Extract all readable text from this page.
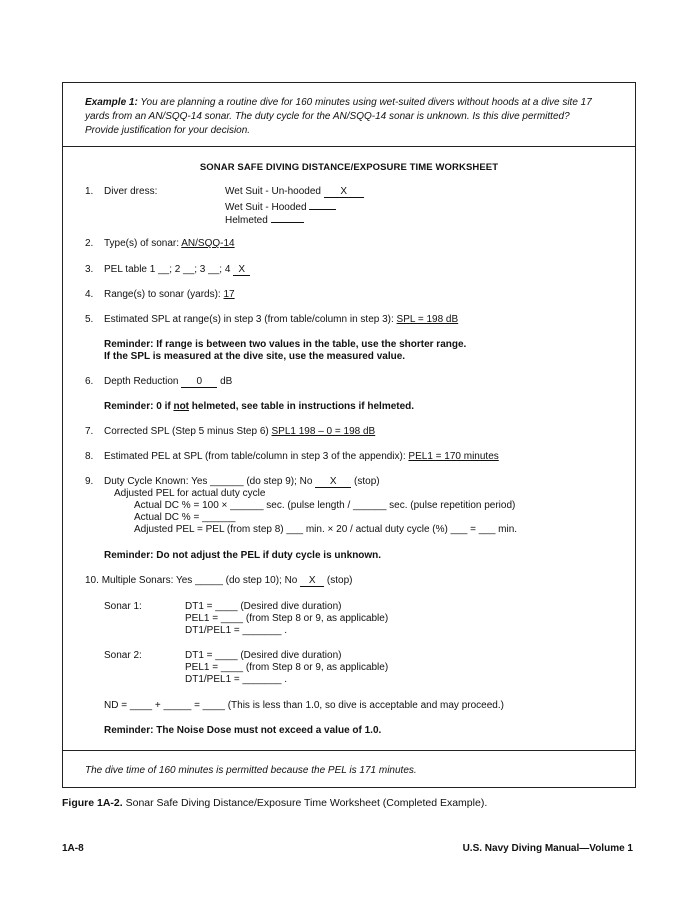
Example 1: You are planning a routine dive for 160 minutes using wet-suited divers without hoods at a dive site 17 yards from an AN/SQQ-14 sonar. The duty cycle for the AN/SQQ-14 sonar is unknown. Is this dive permitted? Provide justification for your decision.
SONAR SAFE DIVING DISTANCE/EXPOSURE TIME WORKSHEET
1. Diver dress:	Wet Suit - Un-hooded X
Wet Suit - Hooded
Helmeted
2. Type(s) of sonar: AN/SQQ-14
3. PEL table 1 __; 2 __; 3 __; 4 X
4. Range(s) to sonar (yards): 17
5. Estimated SPL at range(s) in step 3 (from table/column in step 3): SPL = 198 dB
Reminder: If range is between two values in the table, use the shorter range.
If the SPL is measured at the dive site, use the measured value.
6. Depth Reduction 0 dB
Reminder: 0 if not helmeted, see table in instructions if helmeted.
7. Corrected SPL (Step 5 minus Step 6) SPL1 198 – 0 = 198 dB
8. Estimated PEL at SPL (from table/column in step 3 of the appendix): PEL1 = 170 minutes
9. Duty Cycle Known: Yes ______ (do step 9); No X (stop)
Adjusted PEL for actual duty cycle
Actual DC % = 100 × ______ sec. (pulse length / ______ sec. (pulse repetition period)
Actual DC % = ______
Adjusted PEL = PEL (from step 8) ___ min. × 20 / actual duty cycle (%) ___ = ___ min.
Reminder: Do not adjust the PEL if duty cycle is unknown.
10. Multiple Sonars: Yes _____ (do step 10); No X (stop)
Sonar 1:	DT1 = ____ (Desired dive duration)
PEL1 = ____ (from Step 8 or 9, as applicable)
DT1/PEL1 = _______ .
Sonar 2:	DT1 = ____ (Desired dive duration)
PEL1 = ____ (from Step 8 or 9, as applicable)
DT1/PEL1 = _______ .
ND = ____ + _____ = ____ (This is less than 1.0, so dive is acceptable and may proceed.)
Reminder: The Noise Dose must not exceed a value of 1.0.
The dive time of 160 minutes is permitted because the PEL is 171 minutes.
Figure 1A-2. Sonar Safe Diving Distance/Exposure Time Worksheet (Completed Example).
1A-8	U.S. Navy Diving Manual—Volume 1
